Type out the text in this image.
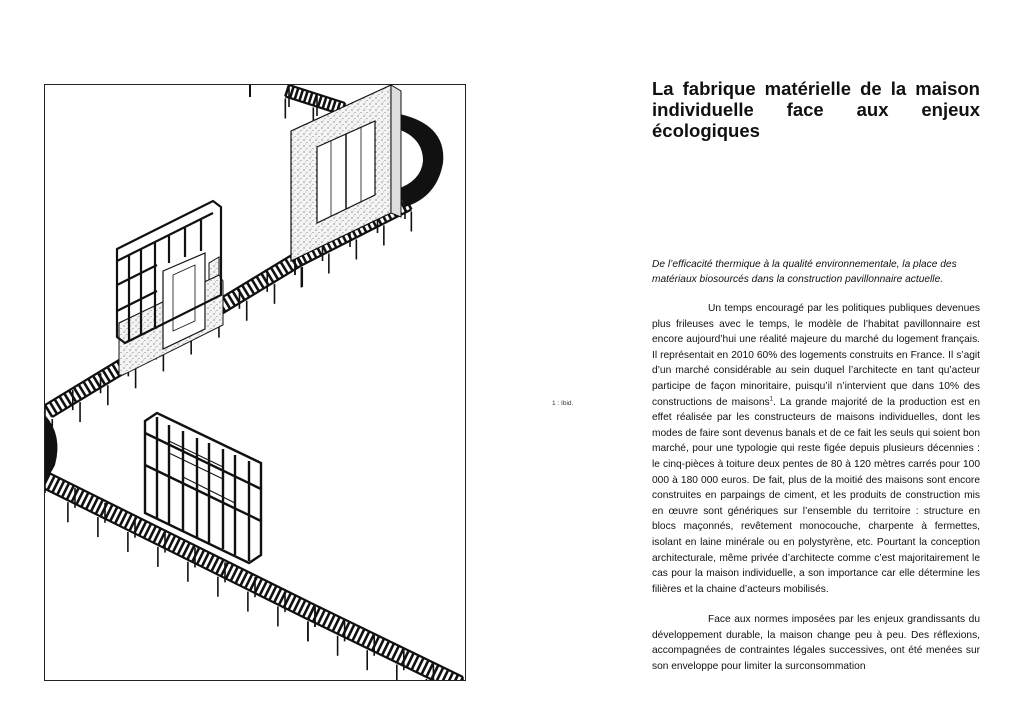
1 : Ibid.
La fabrique matérielle de la maison individuelle face aux enjeux écologiques

De l’efficacité thermique à la qualité environnementale, la place des matériaux biosourcés dans la construction pavillonnaire actuelle.

Un temps encouragé par les politiques publiques devenues plus frileuses avec le temps, le modèle de l’habitat pavillonnaire est encore aujourd’hui une réalité majeure du marché du logement français. Il représentait en 2010 60% des logements construits en France. Il s’agit d’un marché considérable au sein duquel l’architecte en tant qu’acteur participe de façon minoritaire, puisqu’il n’intervient que dans 10% des constructions de maisons$^1$. La grande majorité de la production est en effet réalisée par les constructeurs de maisons individuelles, dont les modes de faire sont devenus banals et de ce fait les seuls qui soient bon marché, pour une typologie qui reste figée depuis plusieurs décennies : le cinq-pièces à toiture deux pentes de 80 à 120 mètres carrés pour 100 000 à 180 000 euros. De fait, plus de la moitié des maisons sont encore construites en parpaings de ciment, et les produits de construction mis en œuvre sont génériques sur l’ensemble du territoire : structure en blocs maçonnés, revêtement monocouche, charpente à fermettes, isolant en laine minérale ou en polystyrène, etc. Pourtant la conception architecturale, même privée d’architecte comme c’est majoritairement le cas pour la maison individuelle, a son importance car elle détermine les filières et la chaine d’acteurs mobilisés.

Face aux normes imposées par les enjeux grandissants du développement durable, la maison change peu à peu. Des réflexions, accompagnées de contraintes légales successives, ont été menées sur son enveloppe pour limiter la surconsommation
